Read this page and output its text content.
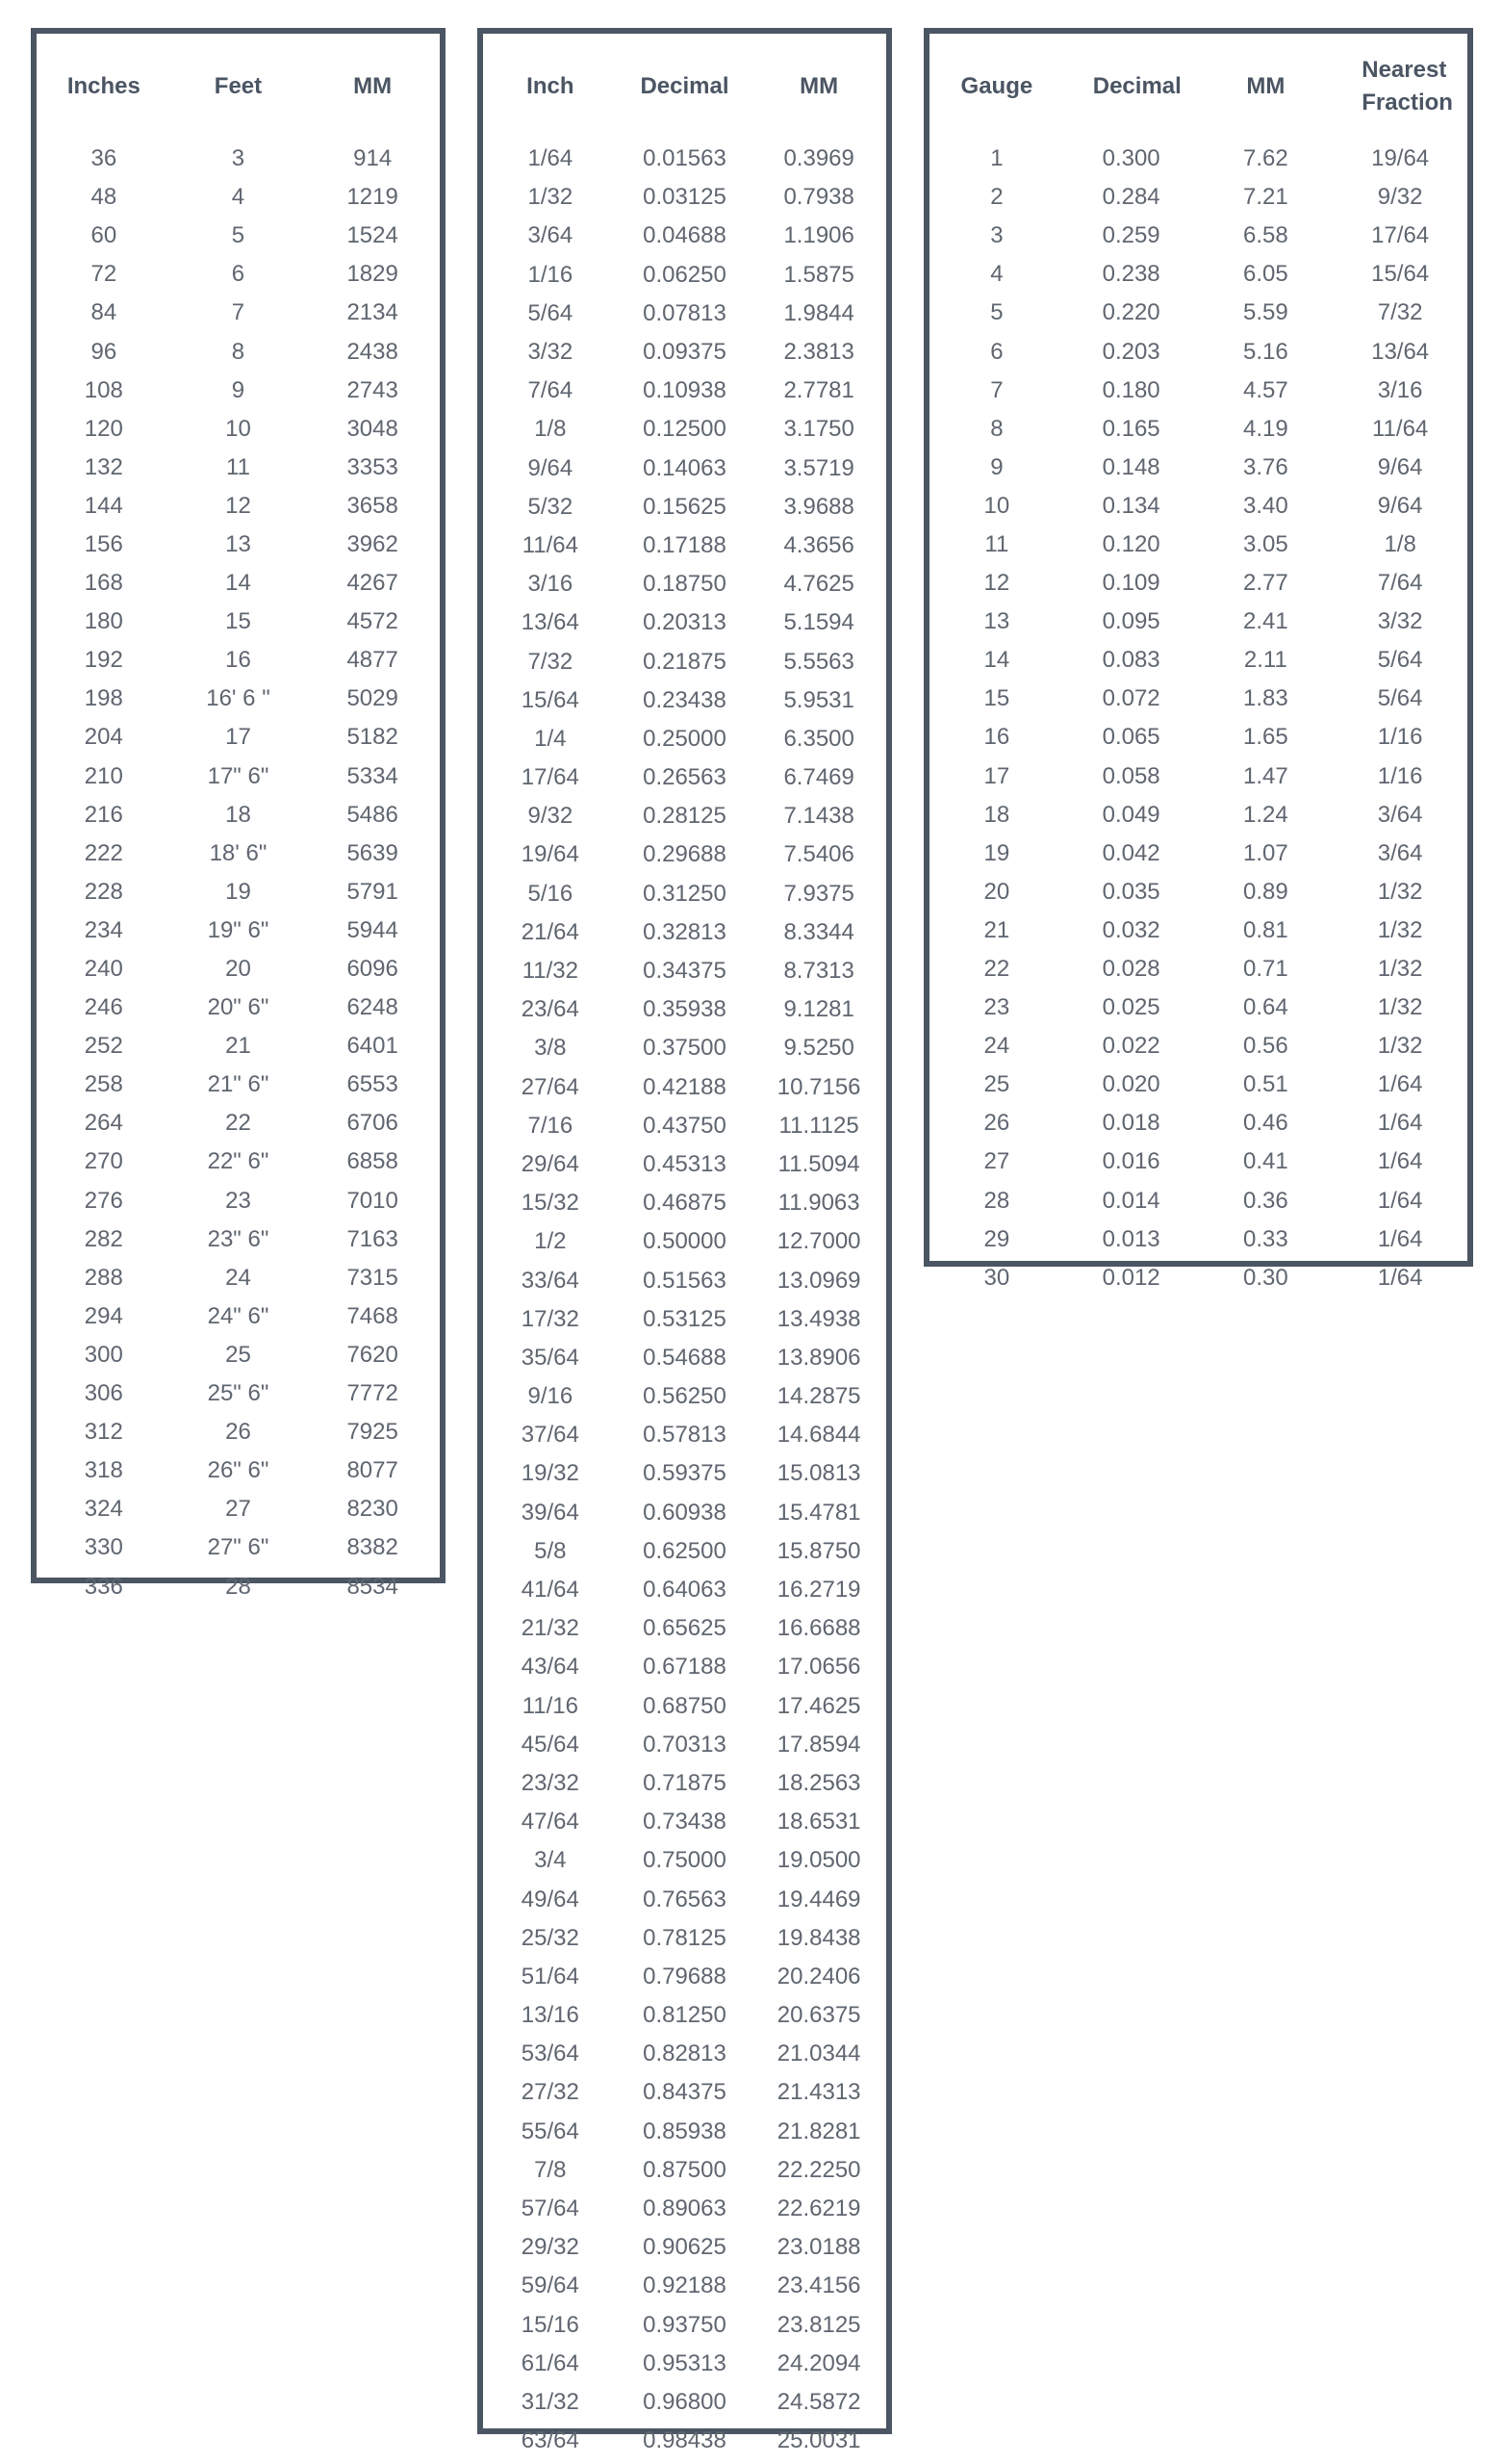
Inches	Feet	MM
36	3	914
48	4	1219
60	5	1524
72	6	1829
84	7	2134
96	8	2438
108	9	2743
120	10	3048
132	11	3353
144	12	3658
156	13	3962
168	14	4267
180	15	4572
192	16	4877
198	16' 6 "	5029
204	17	5182
210	17" 6"	5334
216	18	5486
222	18' 6"	5639
228	19	5791
234	19" 6"	5944
240	20	6096
246	20" 6"	6248
252	21	6401
258	21" 6"	6553
264	22	6706
270	22" 6"	6858
276	23	7010
282	23" 6"	7163
288	24	7315
294	24" 6"	7468
300	25	7620
306	25" 6"	7772
312	26	7925
318	26" 6"	8077
324	27	8230
330	27" 6"	8382
336	28	8534
Inch	Decimal	MM
1/64	0.01563	0.3969
1/32	0.03125	0.7938
3/64	0.04688	1.1906
1/16	0.06250	1.5875
5/64	0.07813	1.9844
3/32	0.09375	2.3813
7/64	0.10938	2.7781
1/8	0.12500	3.1750
9/64	0.14063	3.5719
5/32	0.15625	3.9688
11/64	0.17188	4.3656
3/16	0.18750	4.7625
13/64	0.20313	5.1594
7/32	0.21875	5.5563
15/64	0.23438	5.9531
1/4	0.25000	6.3500
17/64	0.26563	6.7469
9/32	0.28125	7.1438
19/64	0.29688	7.5406
5/16	0.31250	7.9375
21/64	0.32813	8.3344
11/32	0.34375	8.7313
23/64	0.35938	9.1281
3/8	0.37500	9.5250
27/64	0.42188	10.7156
7/16	0.43750	11.1125
29/64	0.45313	11.5094
15/32	0.46875	11.9063
1/2	0.50000	12.7000
33/64	0.51563	13.0969
17/32	0.53125	13.4938
35/64	0.54688	13.8906
9/16	0.56250	14.2875
37/64	0.57813	14.6844
19/32	0.59375	15.0813
39/64	0.60938	15.4781
5/8	0.62500	15.8750
41/64	0.64063	16.2719
21/32	0.65625	16.6688
43/64	0.67188	17.0656
11/16	0.68750	17.4625
45/64	0.70313	17.8594
23/32	0.71875	18.2563
47/64	0.73438	18.6531
3/4	0.75000	19.0500
49/64	0.76563	19.4469
25/32	0.78125	19.8438
51/64	0.79688	20.2406
13/16	0.81250	20.6375
53/64	0.82813	21.0344
27/32	0.84375	21.4313
55/64	0.85938	21.8281
7/8	0.87500	22.2250
57/64	0.89063	22.6219
29/32	0.90625	23.0188
59/64	0.92188	23.4156
15/16	0.93750	23.8125
61/64	0.95313	24.2094
31/32	0.96800	24.5872
63/64	0.98438	25.0031
Gauge	Decimal	MM	Nearest Fraction
1	0.300	7.62	19/64
2	0.284	7.21	9/32
3	0.259	6.58	17/64
4	0.238	6.05	15/64
5	0.220	5.59	7/32
6	0.203	5.16	13/64
7	0.180	4.57	3/16
8	0.165	4.19	11/64
9	0.148	3.76	9/64
10	0.134	3.40	9/64
11	0.120	3.05	1/8
12	0.109	2.77	7/64
13	0.095	2.41	3/32
14	0.083	2.11	5/64
15	0.072	1.83	5/64
16	0.065	1.65	1/16
17	0.058	1.47	1/16
18	0.049	1.24	3/64
19	0.042	1.07	3/64
20	0.035	0.89	1/32
21	0.032	0.81	1/32
22	0.028	0.71	1/32
23	0.025	0.64	1/32
24	0.022	0.56	1/32
25	0.020	0.51	1/64
26	0.018	0.46	1/64
27	0.016	0.41	1/64
28	0.014	0.36	1/64
29	0.013	0.33	1/64
30	0.012	0.30	1/64
